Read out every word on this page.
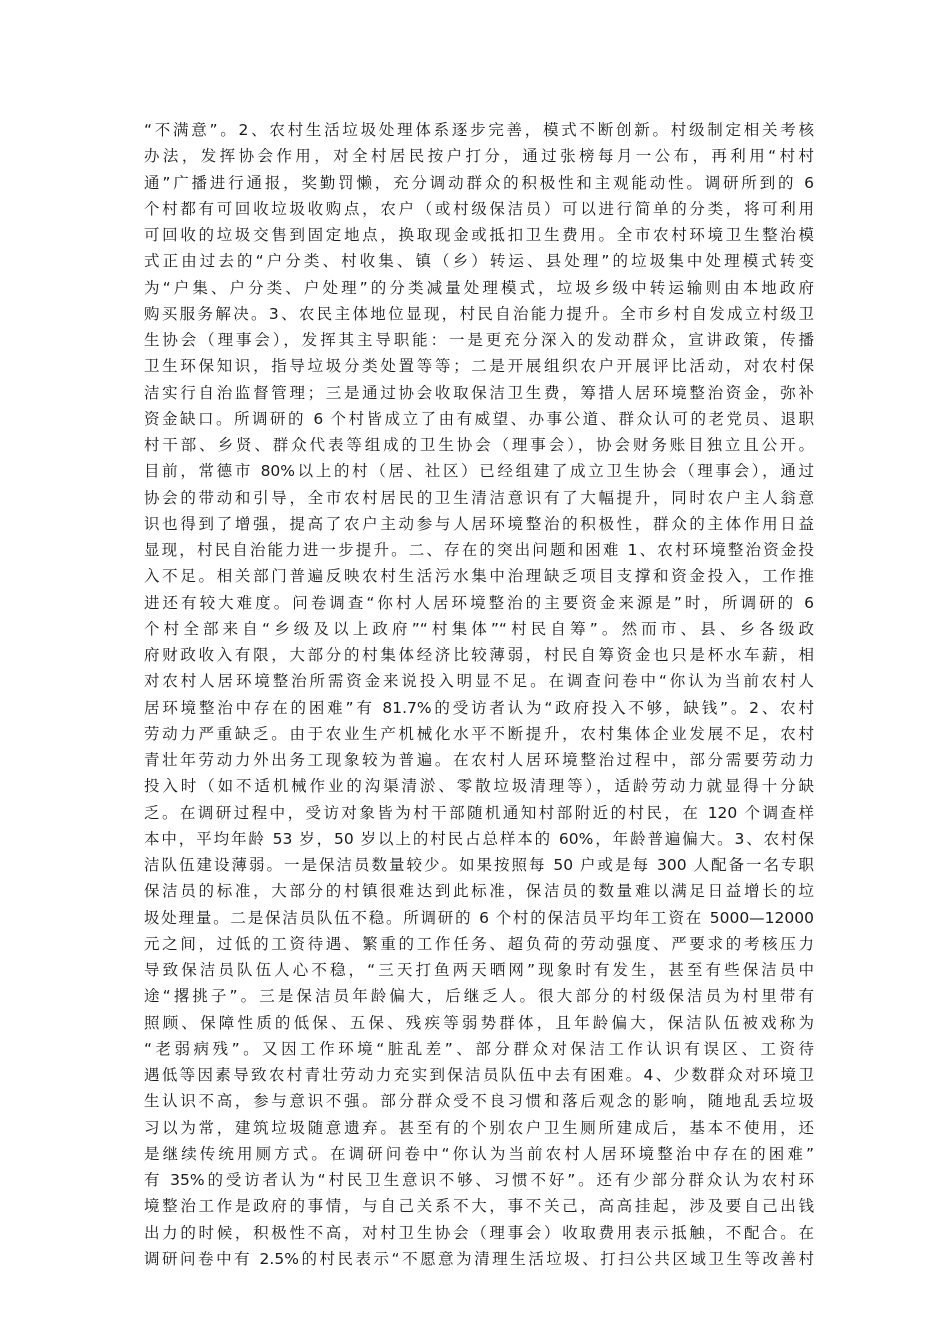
“不满意”。2、农村生活垃圾处理体系逐步完善，模式不断创新。村级制定相关考核
办法，发挥协会作用，对全村居民按户打分，通过张榜每月一公布，再利用“村村
通”广播进行通报，奖勤罚懒，充分调动群众的积极性和主观能动性。调研所到的 6
个村都有可回收垃圾收购点，农户（或村级保洁员）可以进行简单的分类，将可利用
可回收的垃圾交售到固定地点，换取现金或抵扣卫生费用。全市农村环境卫生整治模
式正由过去的“户分类、村收集、镇（乡）转运、县处理”的垃圾集中处理模式转变
为“户集、户分类、户处理”的分类减量处理模式，垃圾乡级中转运输则由本地政府
购买服务解决。3、农民主体地位显现，村民自治能力提升。全市乡村自发成立村级卫
生协会（理事会），发挥其主导职能：一是更充分深入的发动群众，宣讲政策，传播
卫生环保知识，指导垃圾分类处置等等；二是开展组织农户开展评比活动，对农村保
洁实行自治监督管理；三是通过协会收取保洁卫生费，筹措人居环境整治资金，弥补
资金缺口。所调研的 6 个村皆成立了由有威望、办事公道、群众认可的老党员、退职
村干部、乡贤、群众代表等组成的卫生协会（理事会），协会财务账目独立且公开。
目前，常德市 80%以上的村（居、社区）已经组建了成立卫生协会（理事会），通过
协会的带动和引导，全市农村居民的卫生清洁意识有了大幅提升，同时农户主人翁意
识也得到了增强，提高了农户主动参与人居环境整治的积极性，群众的主体作用日益
显现，村民自治能力进一步提升。二、存在的突出问题和困难 1、农村环境整治资金投
入不足。相关部门普遍反映农村生活污水集中治理缺乏项目支撑和资金投入，工作推
进还有较大难度。问卷调查“你村人居环境整治的主要资金来源是”时，所调研的 6
个村全部来自“乡级及以上政府”“村集体”“村民自筹”。然而市、县、乡各级政
府财政收入有限，大部分的村集体经济比较薄弱，村民自筹资金也只是杯水车薪，相
对农村人居环境整治所需资金来说投入明显不足。在调查问卷中“你认为当前农村人
居环境整治中存在的困难”有 81.7%的受访者认为“政府投入不够，缺钱”。2、农村
劳动力严重缺乏。由于农业生产机械化水平不断提升，农村集体企业发展不足，农村
青壮年劳动力外出务工现象较为普遍。在农村人居环境整治过程中，部分需要劳动力
投入时（如不适机械作业的沟渠清淤、零散垃圾清理等），适龄劳动力就显得十分缺
乏。在调研过程中，受访对象皆为村干部随机通知村部附近的村民，在 120 个调查样
本中，平均年龄 53 岁，50 岁以上的村民占总样本的 60%，年龄普遍偏大。3、农村保
洁队伍建设薄弱。一是保洁员数量较少。如果按照每 50 户或是每 300 人配备一名专职
保洁员的标准，大部分的村镇很难达到此标准，保洁员的数量难以满足日益增长的垃
圾处理量。二是保洁员队伍不稳。所调研的 6 个村的保洁员平均年工资在 5000—12000
元之间，过低的工资待遇、繁重的工作任务、超负荷的劳动强度、严要求的考核压力
导致保洁员队伍人心不稳，“三天打鱼两天晒网”现象时有发生，甚至有些保洁员中
途“撂挑子”。三是保洁员年龄偏大，后继乏人。很大部分的村级保洁员为村里带有
照顾、保障性质的低保、五保、残疾等弱势群体，且年龄偏大，保洁队伍被戏称为
“老弱病残”。又因工作环境“脏乱差”、部分群众对保洁工作认识有误区、工资待
遇低等因素导致农村青壮劳动力充实到保洁员队伍中去有困难。4、少数群众对环境卫
生认识不高，参与意识不强。部分群众受不良习惯和落后观念的影响，随地乱丢垃圾
习以为常，建筑垃圾随意遗弃。甚至有的个别农户卫生厕所建成后，基本不使用，还
是继续传统用厕方式。在调研问卷中“你认为当前农村人居环境整治中存在的困难”
有 35%的受访者认为“村民卫生意识不够、习惯不好”。还有少部分群众认为农村环
境整治工作是政府的事情，与自己关系不大，事不关己，高高挂起，涉及要自己出钱
出力的时候，积极性不高，对村卫生协会（理事会）收取费用表示抵触，不配合。在
调研问卷中有 2.5%的村民表示“不愿意为清理生活垃圾、打扫公共区域卫生等改善村
